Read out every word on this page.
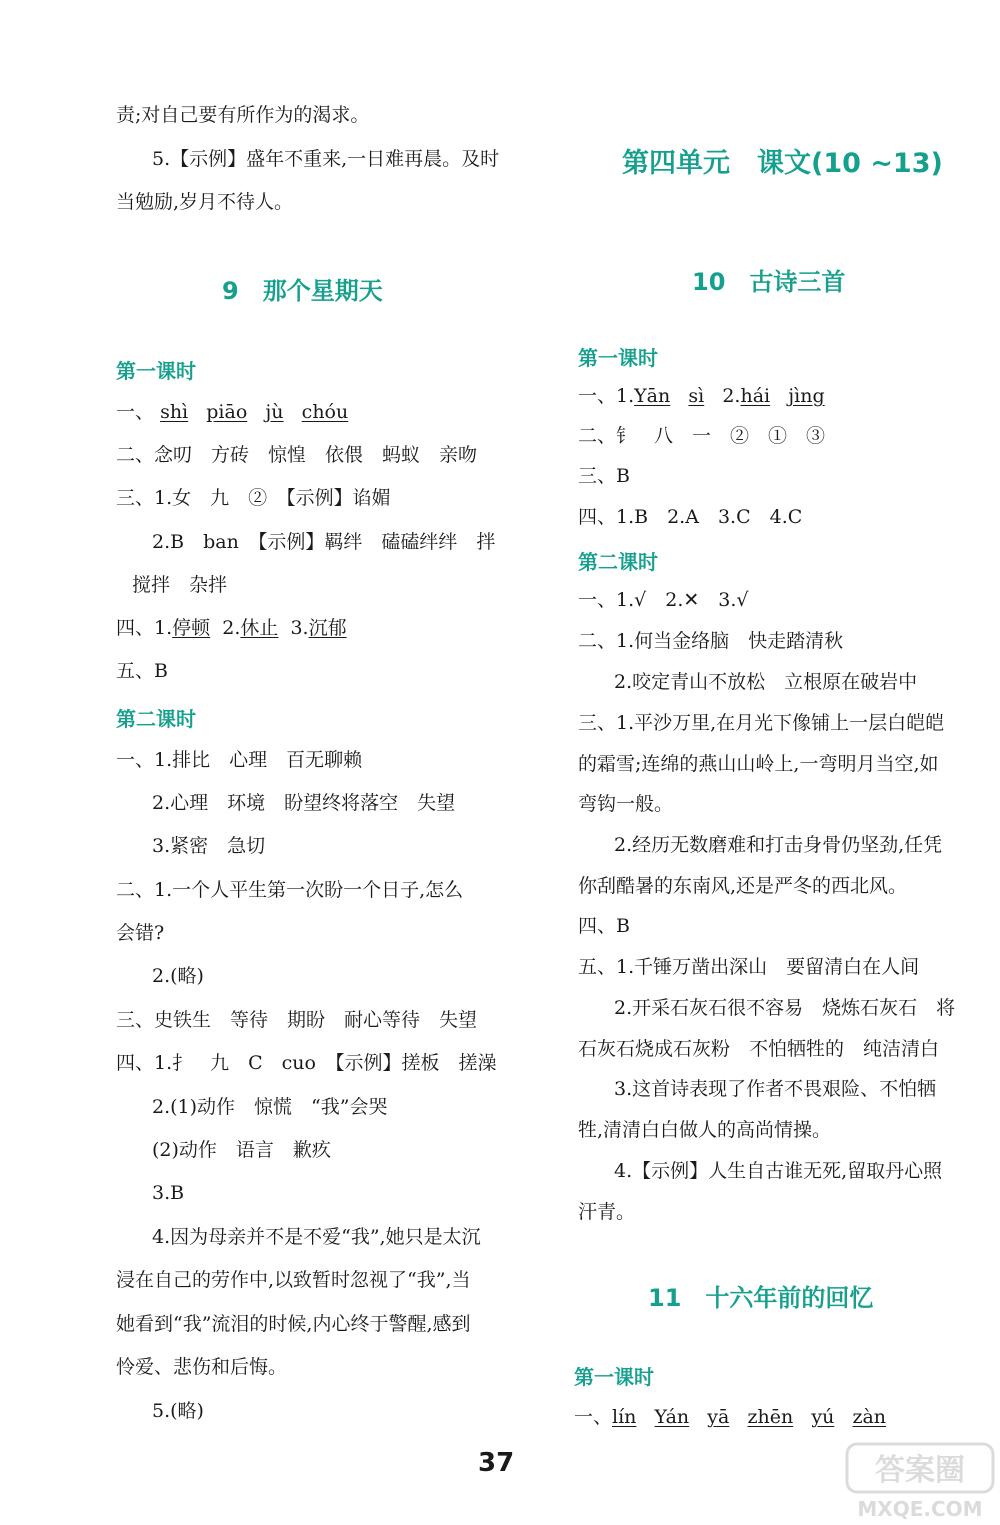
责;对自己要有所作为的渴求。
5.【示例】盛年不重来,一日难再晨。及时
当勉励,岁月不待人。
9　那个星期天
第一课时
一、 shì piāo jù chóu
二、念叨　方砖　惊惶　依偎　蚂蚁　亲吻
三、1.女　九　②　【示例】谄媚
2.B　ban　【示例】羁绊　磕磕绊绊　拌
搅拌　杂拌
四、1.停顿  2.休止  3.沉郁
五、B
第二课时
一、1.排比　心理　百无聊赖
2.心理　环境　盼望终将落空　失望
3.紧密　急切
二、1.一个人平生第一次盼一个日子,怎么
会错?
2.(略)
三、史铁生　等待　期盼　耐心等待　失望
四、1.扌　九　C　cuo　【示例】搓板　搓澡
2.(1)动作　惊慌　“我”会哭
(2)动作　语言　歉疚
3.B
4.因为母亲并不是不爱“我”,她只是太沉
浸在自己的劳作中,以致暂时忽视了“我”,当
她看到“我”流泪的时候,内心终于警醒,感到
怜爱、悲伤和后悔。
5.(略)
第四单元　课文(10 ~13)
10　古诗三首
第一课时
一、1.Yān sì 2.hái jìng
二、钅　八　一　②　①　③
三、B
四、1.B　2.A　3.C　4.C
第二课时
一、1.√　2.✕　3.√
二、1.何当金络脑　快走踏清秋
2.咬定青山不放松　立根原在破岩中
三、1.平沙万里,在月光下像铺上一层白皑皑
的霜雪;连绵的燕山山岭上,一弯明月当空,如
弯钩一般。
2.经历无数磨难和打击身骨仍坚劲,任凭
你刮酷暑的东南风,还是严冬的西北风。
四、B
五、1.千锤万凿出深山　要留清白在人间
2.开采石灰石很不容易　烧炼石灰石　将
石灰石烧成石灰粉　不怕牺牲的　纯洁清白
3.这首诗表现了作者不畏艰险、不怕牺
牲,清清白白做人的高尚情操。
4.【示例】人生自古谁无死,留取丹心照
汗青。
11　十六年前的回忆
第一课时
一、lín Yán yā zhēn yú zàn
37	答案圈
MXQE.COM
